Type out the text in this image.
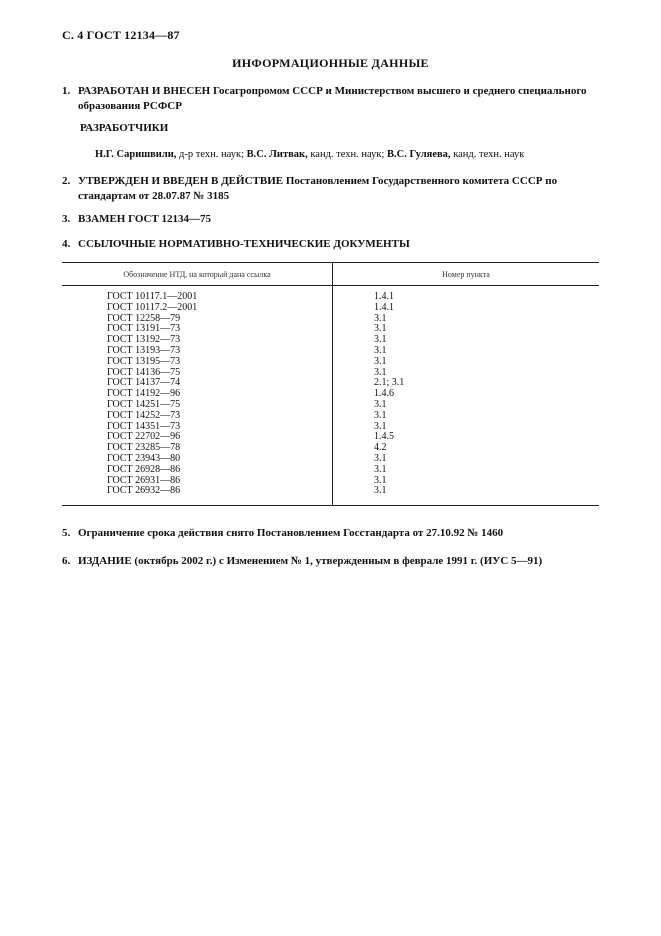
С. 4 ГОСТ 12134—87
ИНФОРМАЦИОННЫЕ ДАННЫЕ
1. РАЗРАБОТАН И ВНЕСЕН Госагропромом СССР и Министерством высшего и среднего специального образования РСФСР
РАЗРАБОТЧИКИ
Н.Г. Саришвили, д-р техн. наук; В.С. Литвак, канд. техн. наук; В.С. Гуляева, канд. техн. наук
2. УТВЕРЖДЕН И ВВЕДЕН В ДЕЙСТВИЕ Постановлением Государственного комитета СССР по стандартам от 28.07.87 № 3185
3. ВЗАМЕН ГОСТ 12134—75
4. ССЫЛОЧНЫЕ НОРМАТИВНО-ТЕХНИЧЕСКИЕ ДОКУМЕНТЫ
Обозначение НТД, на который дана ссылка	Номер пункта
ГОСТ 10117.1—2001	1.4.1
ГОСТ 10117.2—2001	1.4.1
ГОСТ 12258—79	3.1
ГОСТ 13191—73	3.1
ГОСТ 13192—73	3.1
ГОСТ 13193—73	3.1
ГОСТ 13195—73	3.1
ГОСТ 14136—75	3.1
ГОСТ 14137—74	2.1; 3.1
ГОСТ 14192—96	1.4.6
ГОСТ 14251—75	3.1
ГОСТ 14252—73	3.1
ГОСТ 14351—73	3.1
ГОСТ 22702—96	1.4.5
ГОСТ 23285—78	4.2
ГОСТ 23943—80	3.1
ГОСТ 26928—86	3.1
ГОСТ 26931—86	3.1
ГОСТ 26932—86	3.1
5. Ограничение срока действия снято Постановлением Госстандарта от 27.10.92 № 1460
6. ИЗДАНИЕ (октябрь 2002 г.) с Изменением № 1, утвержденным в феврале 1991 г. (ИУС 5—91)
